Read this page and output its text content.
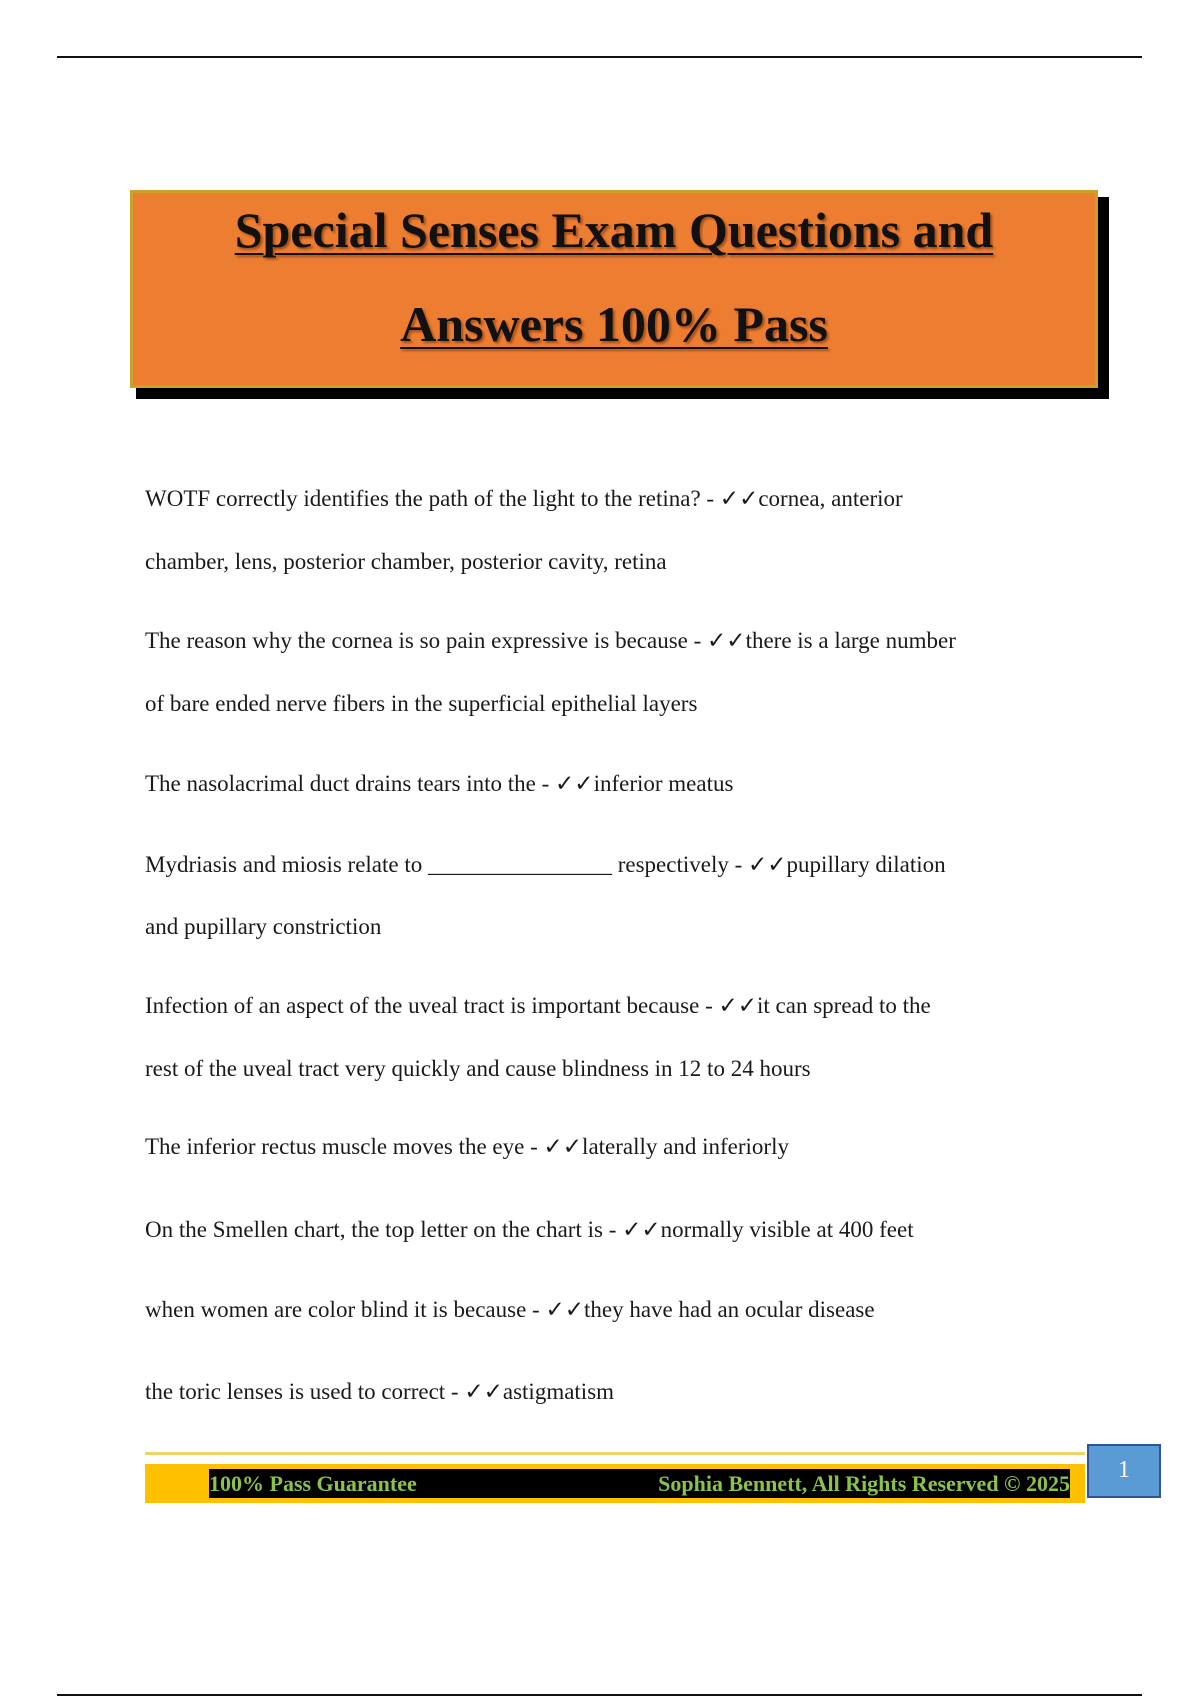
Special Senses Exam Questions and
Answers 100% Pass
WOTF correctly identifies the path of the light to the retina? - ✓✓cornea, anterior
chamber, lens, posterior chamber, posterior cavity, retina
The reason why the cornea is so pain expressive is because - ✓✓there is a large number
of bare ended nerve fibers in the superficial epithelial layers
The nasolacrimal duct drains tears into the - ✓✓inferior meatus
Mydriasis and miosis relate to ________________ respectively - ✓✓pupillary dilation
and pupillary constriction
Infection of an aspect of the uveal tract is important because - ✓✓it can spread to the
rest of the uveal tract very quickly and cause blindness in 12 to 24 hours
The inferior rectus muscle moves the eye - ✓✓laterally and inferiorly
On the Smellen chart, the top letter on the chart is - ✓✓normally visible at 400 feet
when women are color blind it is because - ✓✓they have had an ocular disease
the toric lenses is used to correct - ✓✓astigmatism
100% Pass Guarantee	Sophia Bennett, All Rights Reserved © 2025	1
